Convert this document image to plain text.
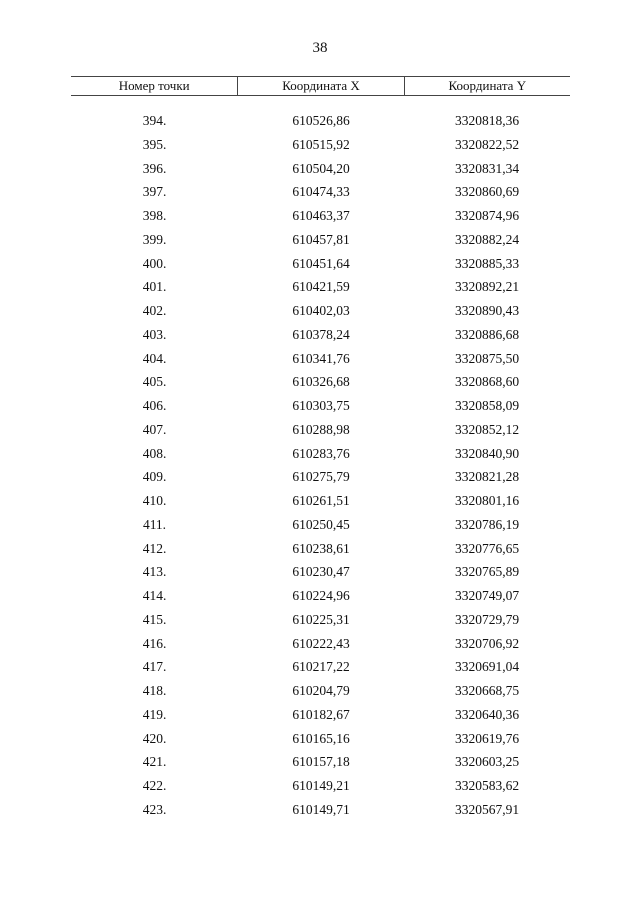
38
Номер точки	Координата X	Координата Y
394.	610526,86	3320818,36
395.	610515,92	3320822,52
396.	610504,20	3320831,34
397.	610474,33	3320860,69
398.	610463,37	3320874,96
399.	610457,81	3320882,24
400.	610451,64	3320885,33
401.	610421,59	3320892,21
402.	610402,03	3320890,43
403.	610378,24	3320886,68
404.	610341,76	3320875,50
405.	610326,68	3320868,60
406.	610303,75	3320858,09
407.	610288,98	3320852,12
408.	610283,76	3320840,90
409.	610275,79	3320821,28
410.	610261,51	3320801,16
411.	610250,45	3320786,19
412.	610238,61	3320776,65
413.	610230,47	3320765,89
414.	610224,96	3320749,07
415.	610225,31	3320729,79
416.	610222,43	3320706,92
417.	610217,22	3320691,04
418.	610204,79	3320668,75
419.	610182,67	3320640,36
420.	610165,16	3320619,76
421.	610157,18	3320603,25
422.	610149,21	3320583,62
423.	610149,71	3320567,91
